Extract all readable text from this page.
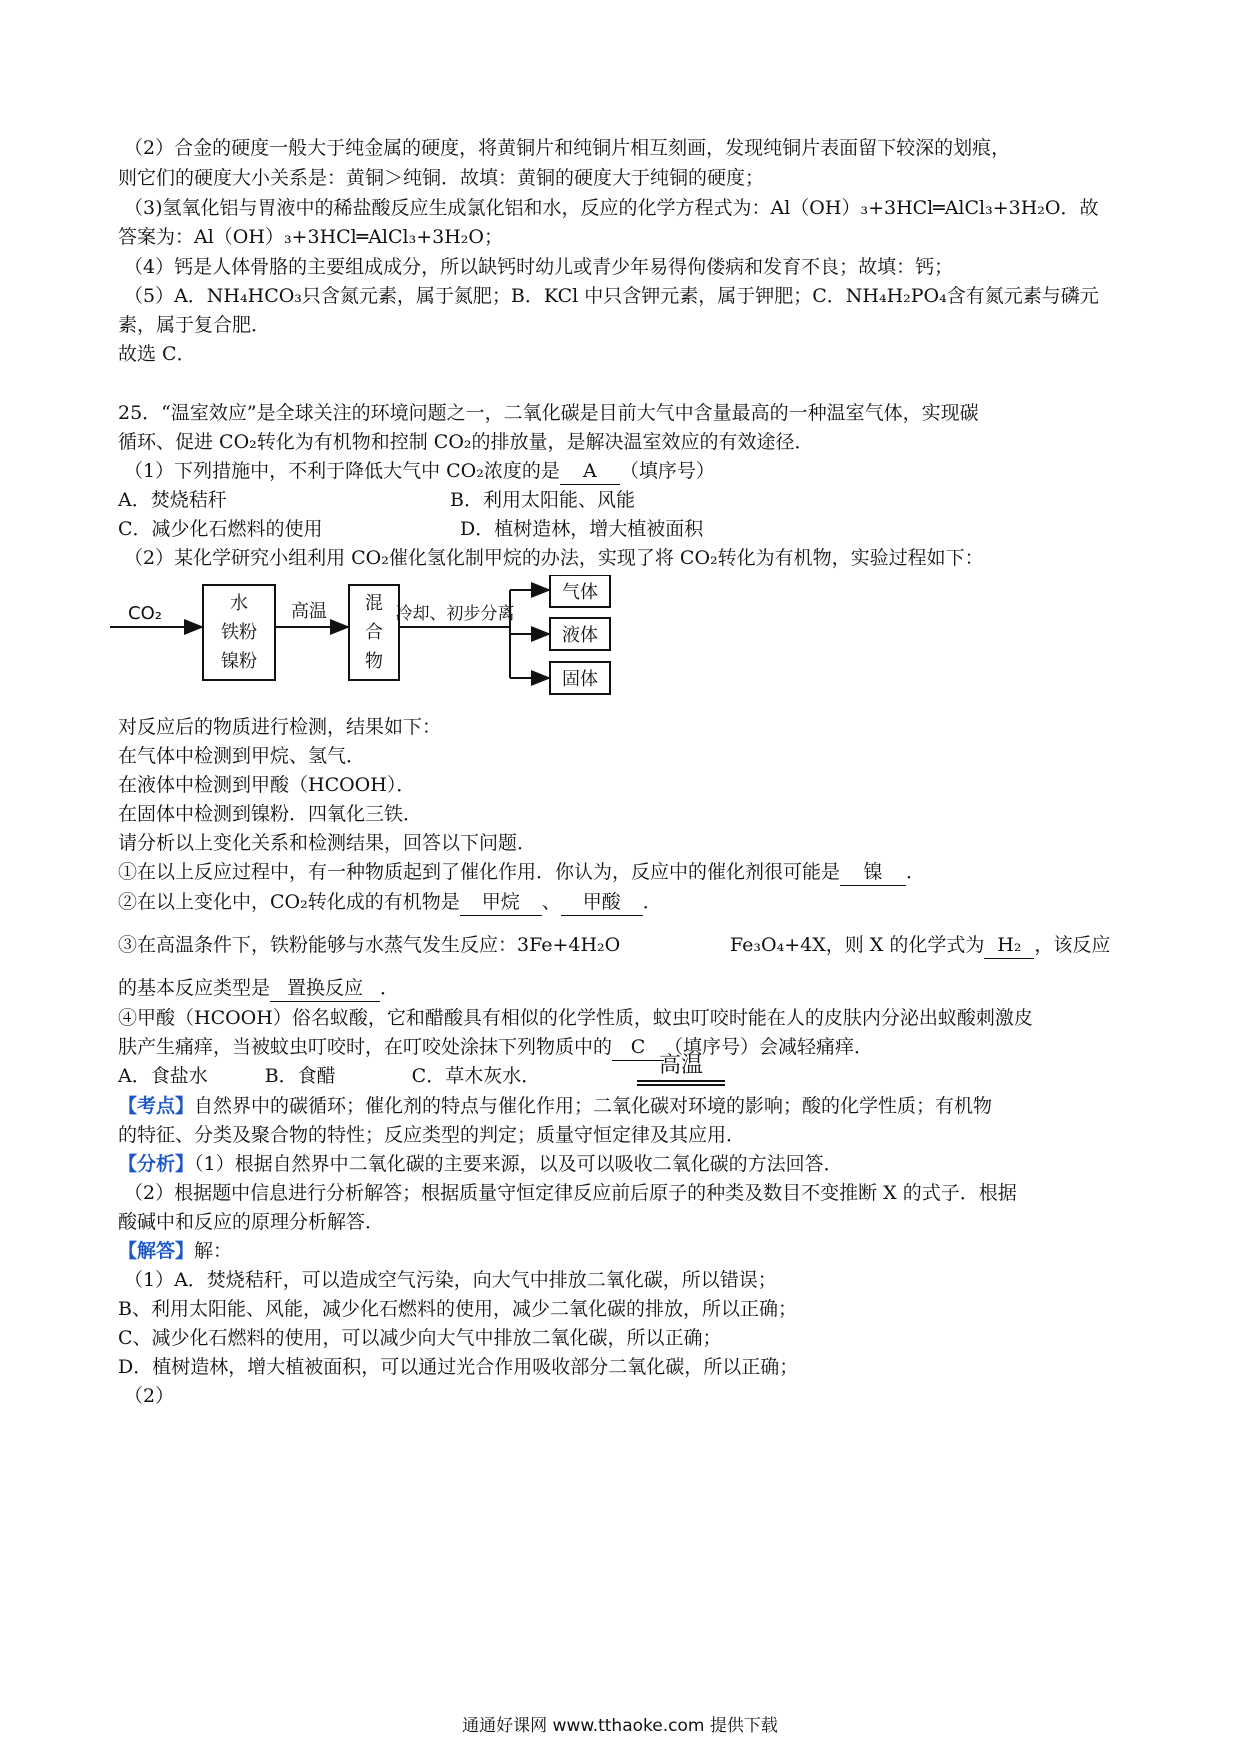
（2）合金的硬度一般大于纯金属的硬度，将黄铜片和纯铜片相互刻画，发现纯铜片表面留下较深的划痕，
则它们的硬度大小关系是：黄铜＞纯铜．故填：黄铜的硬度大于纯铜的硬度；
（3)氢氧化铝与胃液中的稀盐酸反应生成氯化铝和水，反应的化学方程式为：Al（OH）₃+3HCl═AlCl₃+3H₂O．故
答案为：Al（OH）₃+3HCl═AlCl₃+3H₂O；
（4）钙是人体骨胳的主要组成成分，所以缺钙时幼儿或青少年易得佝偻病和发育不良；故填：钙；
（5）A．NH₄HCO₃只含氮元素，属于氮肥；B．KCl 中只含钾元素，属于钾肥；C．NH₄H₂PO₄含有氮元素与磷元
素，属于复合肥．
故选 C．
25．“温室效应”是全球关注的环境问题之一，二氧化碳是目前大气中含量最高的一种温室气体，实现碳
循环、促进 CO₂转化为有机物和控制 CO₂的排放量，是解决温室效应的有效途径．
（1）下列措施中，不利于降低大气中 CO₂浓度的是 A （填序号）
A．焚烧秸秆	B．利用太阳能、风能
C．减少化石燃料的使用	D．植树造林，增大植被面积
（2）某化学研究小组利用 CO₂催化氢化制甲烷的办法，实现了将 CO₂转化为有机物，实验过程如下：
CO₂	水
铁粉
镍粉
高温 混
合
物
冷却、初步分离
气体
液体
固体
对反应后的物质进行检测，结果如下：
在气体中检测到甲烷、氢气．
在液体中检测到甲酸（HCOOH）．
在固体中检测到镍粉．四氧化三铁．
请分析以上变化关系和检测结果，回答以下问题．
①在以上反应过程中，有一种物质起到了催化作用．你认为，反应中的催化剂很可能是 镍 ．
②在以上变化中，CO₂转化成的有机物是 甲烷 、 甲酸 ．
③在高温条件下，铁粉能够与水蒸气发生反应：3Fe+4H₂O
高温
Fe₃O₄+4X，则 X 的化学式为 H₂ ，该反应
的基本反应类型是 置换反应 ．
④甲酸（HCOOH）俗名蚁酸，它和醋酸具有相似的化学性质，蚊虫叮咬时能在人的皮肤内分泌出蚁酸刺激皮
肤产生痛痒，当被蚊虫叮咬时，在叮咬处涂抹下列物质中的 C （填序号）会减轻痛痒．
A．食盐水　　　B．食醋　　　　C．草木灰水．
【考点】自然界中的碳循环；催化剂的特点与催化作用；二氧化碳对环境的影响；酸的化学性质；有机物
的特征、分类及聚合物的特性；反应类型的判定；质量守恒定律及其应用．
【分析】（1）根据自然界中二氧化碳的主要来源，以及可以吸收二氧化碳的方法回答．
（2）根据题中信息进行分析解答；根据质量守恒定律反应前后原子的种类及数目不变推断 X 的式子．根据
酸碱中和反应的原理分析解答．
【解答】解：
（1）A．焚烧秸秆，可以造成空气污染，向大气中排放二氧化碳，所以错误；
B、利用太阳能、风能，减少化石燃料的使用，减少二氧化碳的排放，所以正确；
C、减少化石燃料的使用，可以减少向大气中排放二氧化碳，所以正确；
D．植树造林，增大植被面积，可以通过光合作用吸收部分二氧化碳，所以正确；
（2）
通通好课网 www.tthaoke.com 提供下载
